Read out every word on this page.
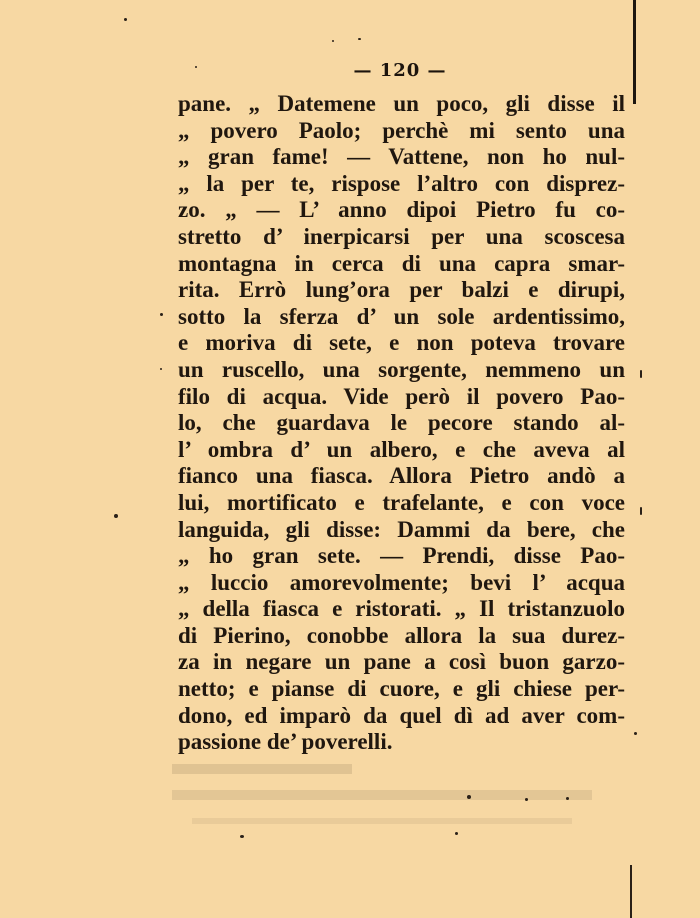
— 120 —
pane. „ Datemene un poco, gli disse il
„ povero Paolo; perchè mi sento una
„ gran fame! — Vattene, non ho nul-
„ la per te, rispose l’altro con disprez-
zo. „ — L’ anno dipoi Pietro fu co-
stretto d’ inerpicarsi per una scoscesa
montagna in cerca di una capra smar-
rita. Errò lung’ora per balzi e dirupi,
sotto la sferza d’ un sole ardentissimo,
e moriva di sete, e non poteva trovare
un ruscello, una sorgente, nemmeno un
filo di acqua. Vide però il povero Pao-
lo, che guardava le pecore stando al-
l’ ombra d’ un albero, e che aveva al
fianco una fiasca. Allora Pietro andò a
lui, mortificato e trafelante, e con voce
languida, gli disse: Dammi da bere, che
„ ho gran sete. — Prendi, disse Pao-
„ luccio amorevolmente; bevi l’ acqua
„ della fiasca e ristorati. „ Il tristanzuolo
di Pierino, conobbe allora la sua durez-
za in negare un pane a così buon garzo-
netto; e pianse di cuore, e gli chiese per-
dono, ed imparò da quel dì ad aver com-
passione de’ poverelli.
